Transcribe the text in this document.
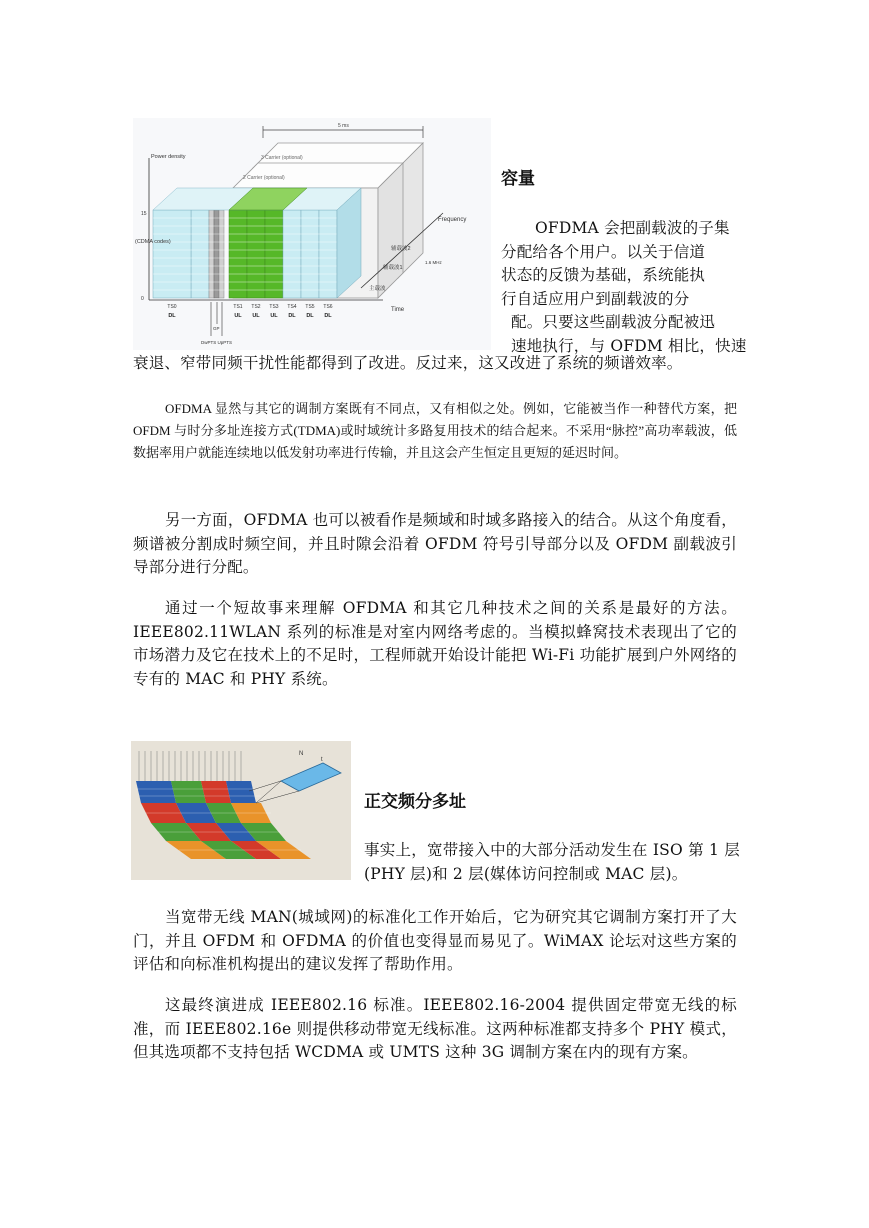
3 Carrier (optional)
2 Carrier (optional)
5 ms
Power density
(CDMA codes)
15
0
Frequency
Time
辅载波2
辅载波1
主载波
1.6 MHz
TS0	TS1 TS2 TS3 TS4 TS5 TS6
DL	UL UL UL DL DL DL
GP
DwPTS UpPTS
容量
OFDMA 会把副载波的子集
分配给各个用户。以关于信道
状态的反馈为基础，系统能执
行自适应用户到副载波的分
配。只要这些副载波分配被迅
速地执行，与 OFDM 相比，快速
衰退、窄带同频干扰性能都得到了改进。反过来，这又改进了系统的频谱效率。
OFDMA 显然与其它的调制方案既有不同点，又有相似之处。例如，它能被当作一种替代方案，把 OFDM 与时分多址连接方式(TDMA)或时域统计多路复用技术的结合起来。不采用“脉控”高功率载波，低数据率用户就能连续地以低发射功率进行传输，并且这会产生恒定且更短的延迟时间。
另一方面，OFDMA 也可以被看作是频域和时域多路接入的结合。从这个角度看，频谱被分割成时频空间，并且时隙会沿着 OFDM 符号引导部分以及 OFDM 副载波引导部分进行分配。
通过一个短故事来理解 OFDMA 和其它几种技术之间的关系是最好的方法。IEEE802.11WLAN 系列的标准是对室内网络考虑的。当模拟蜂窝技术表现出了它的市场潜力及它在技术上的不足时，工程师就开始设计能把 Wi-Fi 功能扩展到户外网络的专有的 MAC 和 PHY 系统。
N
t
正交频分多址
事实上，宽带接入中的大部分活动发生在 ISO 第 1 层(PHY 层)和 2 层(媒体访问控制或 MAC 层)。
当宽带无线 MAN(城域网)的标准化工作开始后，它为研究其它调制方案打开了大门，并且 OFDM 和 OFDMA 的价值也变得显而易见了。WiMAX 论坛对这些方案的评估和向标准机构提出的建议发挥了帮助作用。
这最终演进成 IEEE802.16 标准。IEEE802.16-2004 提供固定带宽无线的标准，而 IEEE802.16e 则提供移动带宽无线标准。这两种标准都支持多个 PHY 模式，但其选项都不支持包括 WCDMA 或 UMTS 这种 3G 调制方案在内的现有方案。
